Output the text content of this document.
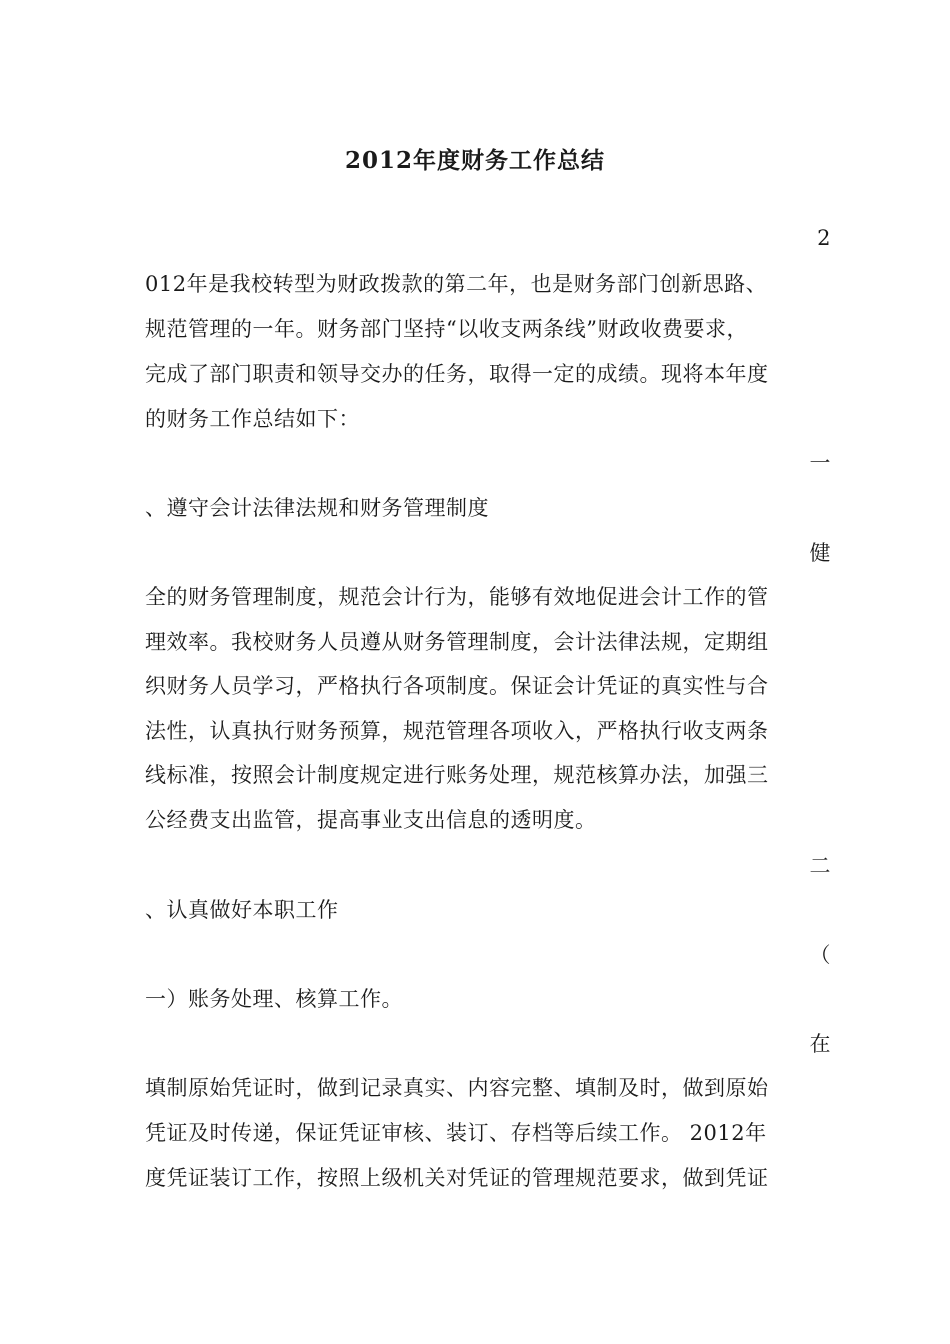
2012年度财务工作总结
2
012年是我校转型为财政拨款的第二年，也是财务部门创新思路、
规范管理的一年。财务部门坚持“以收支两条线”财政收费要求，
完成了部门职责和领导交办的任务，取得一定的成绩。现将本年度
的财务工作总结如下：
一
、遵守会计法律法规和财务管理制度
健
全的财务管理制度，规范会计行为，能够有效地促进会计工作的管
理效率。我校财务人员遵从财务管理制度，会计法律法规，定期组
织财务人员学习，严格执行各项制度。保证会计凭证的真实性与合
法性，认真执行财务预算，规范管理各项收入，严格执行收支两条
线标准，按照会计制度规定进行账务处理，规范核算办法，加强三
公经费支出监管，提高事业支出信息的透明度。
二
、认真做好本职工作
（
一）账务处理、核算工作。
在
填制原始凭证时，做到记录真实、内容完整、填制及时，做到原始
凭证及时传递，保证凭证审核、装订、存档等后续工作。 2012年
度凭证装订工作，按照上级机关对凭证的管理规范要求，做到凭证
